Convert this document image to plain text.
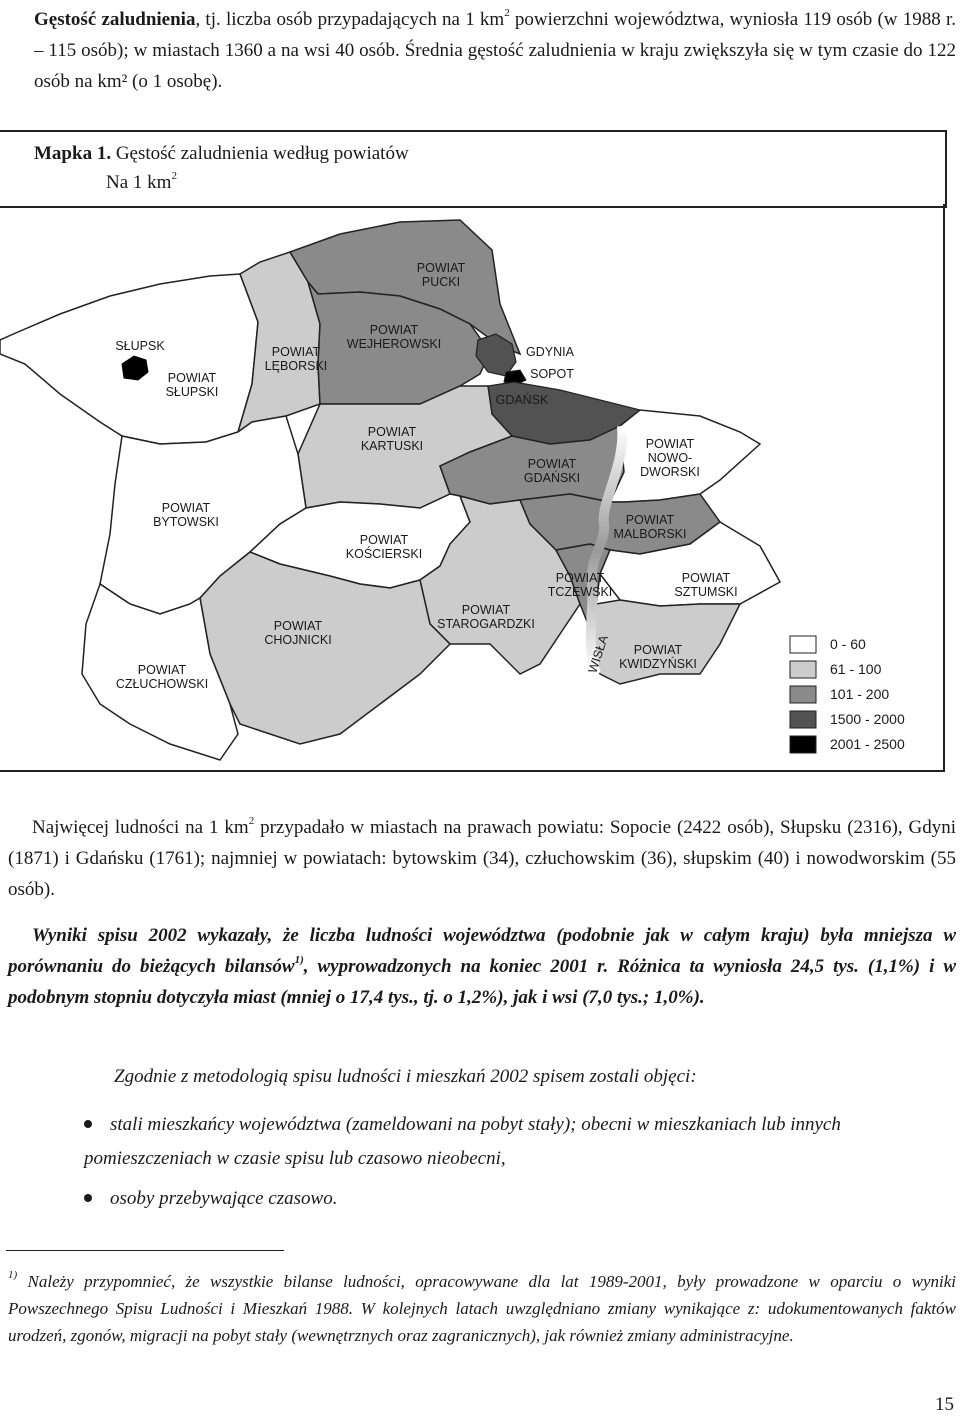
Gęstość zaludnienia, tj. liczba osób przypadających na 1 $km^2$ powierzchni województwa, wyniosła 119 osób (w 1988 r. – 115 osób); w miastach 1360 a na wsi 40 osób. Średnia gęstość zaludnienia w kraju zwiększyła się w tym czasie do 122 osób na km² (o 1 osobę).
Mapka 1. Gęstość zaludnienia według powiatów
Na 1 $km^2$
POWIAT
PUCKI
SŁUPSK
POWIAT
SŁUPSKI
POWIAT
LĘBORSKI
POWIAT
WEJHEROWSKI
GDYNIA
SOPOT
GDAŃSK
POWIAT
KARTUSKI
POWIAT
GDAŃSKI
POWIAT
NOWO-
DWORSKI
POWIAT
BYTOWSKI
POWIAT
KOŚCIERSKI
POWIAT
MALBORSKI
POWIAT
TCZEWSKI
POWIAT
SZTUMSKI
POWIAT
CHOJNICKI
POWIAT
STAROGARDZKI
POWIAT
CZŁUCHOWSKI
POWIAT
KWIDZYŃSKI
WISŁA	0 - 60
61 - 100
101 - 200
1500 - 2000
2001 - 2500
Najwięcej ludności na 1 $km^2$ przypadało w miastach na prawach powiatu: Sopocie (2422 osób), Słupsku (2316), Gdyni (1871) i Gdańsku (1761); najmniej w powiatach: bytowskim (34), człuchowskim (36), słupskim (40) i nowodworskim (55 osób).
Wyniki spisu 2002 wykazały, że liczba ludności województwa (podobnie jak w całym kraju) była mniejsza w porównaniu do bieżących bilansów$^{1)}$, wyprowadzonych na koniec 2001 r. Różnica ta wyniosła 24,5 tys. (1,1%) i w podobnym stopniu dotyczyła miast (mniej o 17,4 tys., tj. o 1,2%), jak i wsi (7,0 tys.; 1,0%).
Zgodnie z metodologią spisu ludności i mieszkań 2002 spisem zostali objęci:
stali mieszkańcy województwa (zameldowani na pobyt stały); obecni w mieszkaniach lub innych pomieszczeniach w czasie spisu lub czasowo nieobecni,
osoby przebywające czasowo.
$^{1)}$ Należy przypomnieć, że wszystkie bilanse ludności, opracowywane dla lat 1989-2001, były prowadzone w oparciu o wyniki Powszechnego Spisu Ludności i Mieszkań 1988. W kolejnych latach uwzględniano zmiany wynikające z: udokumentowanych faktów urodzeń, zgonów, migracji na pobyt stały (wewnętrznych oraz zagranicznych), jak również zmiany administracyjne.
15
